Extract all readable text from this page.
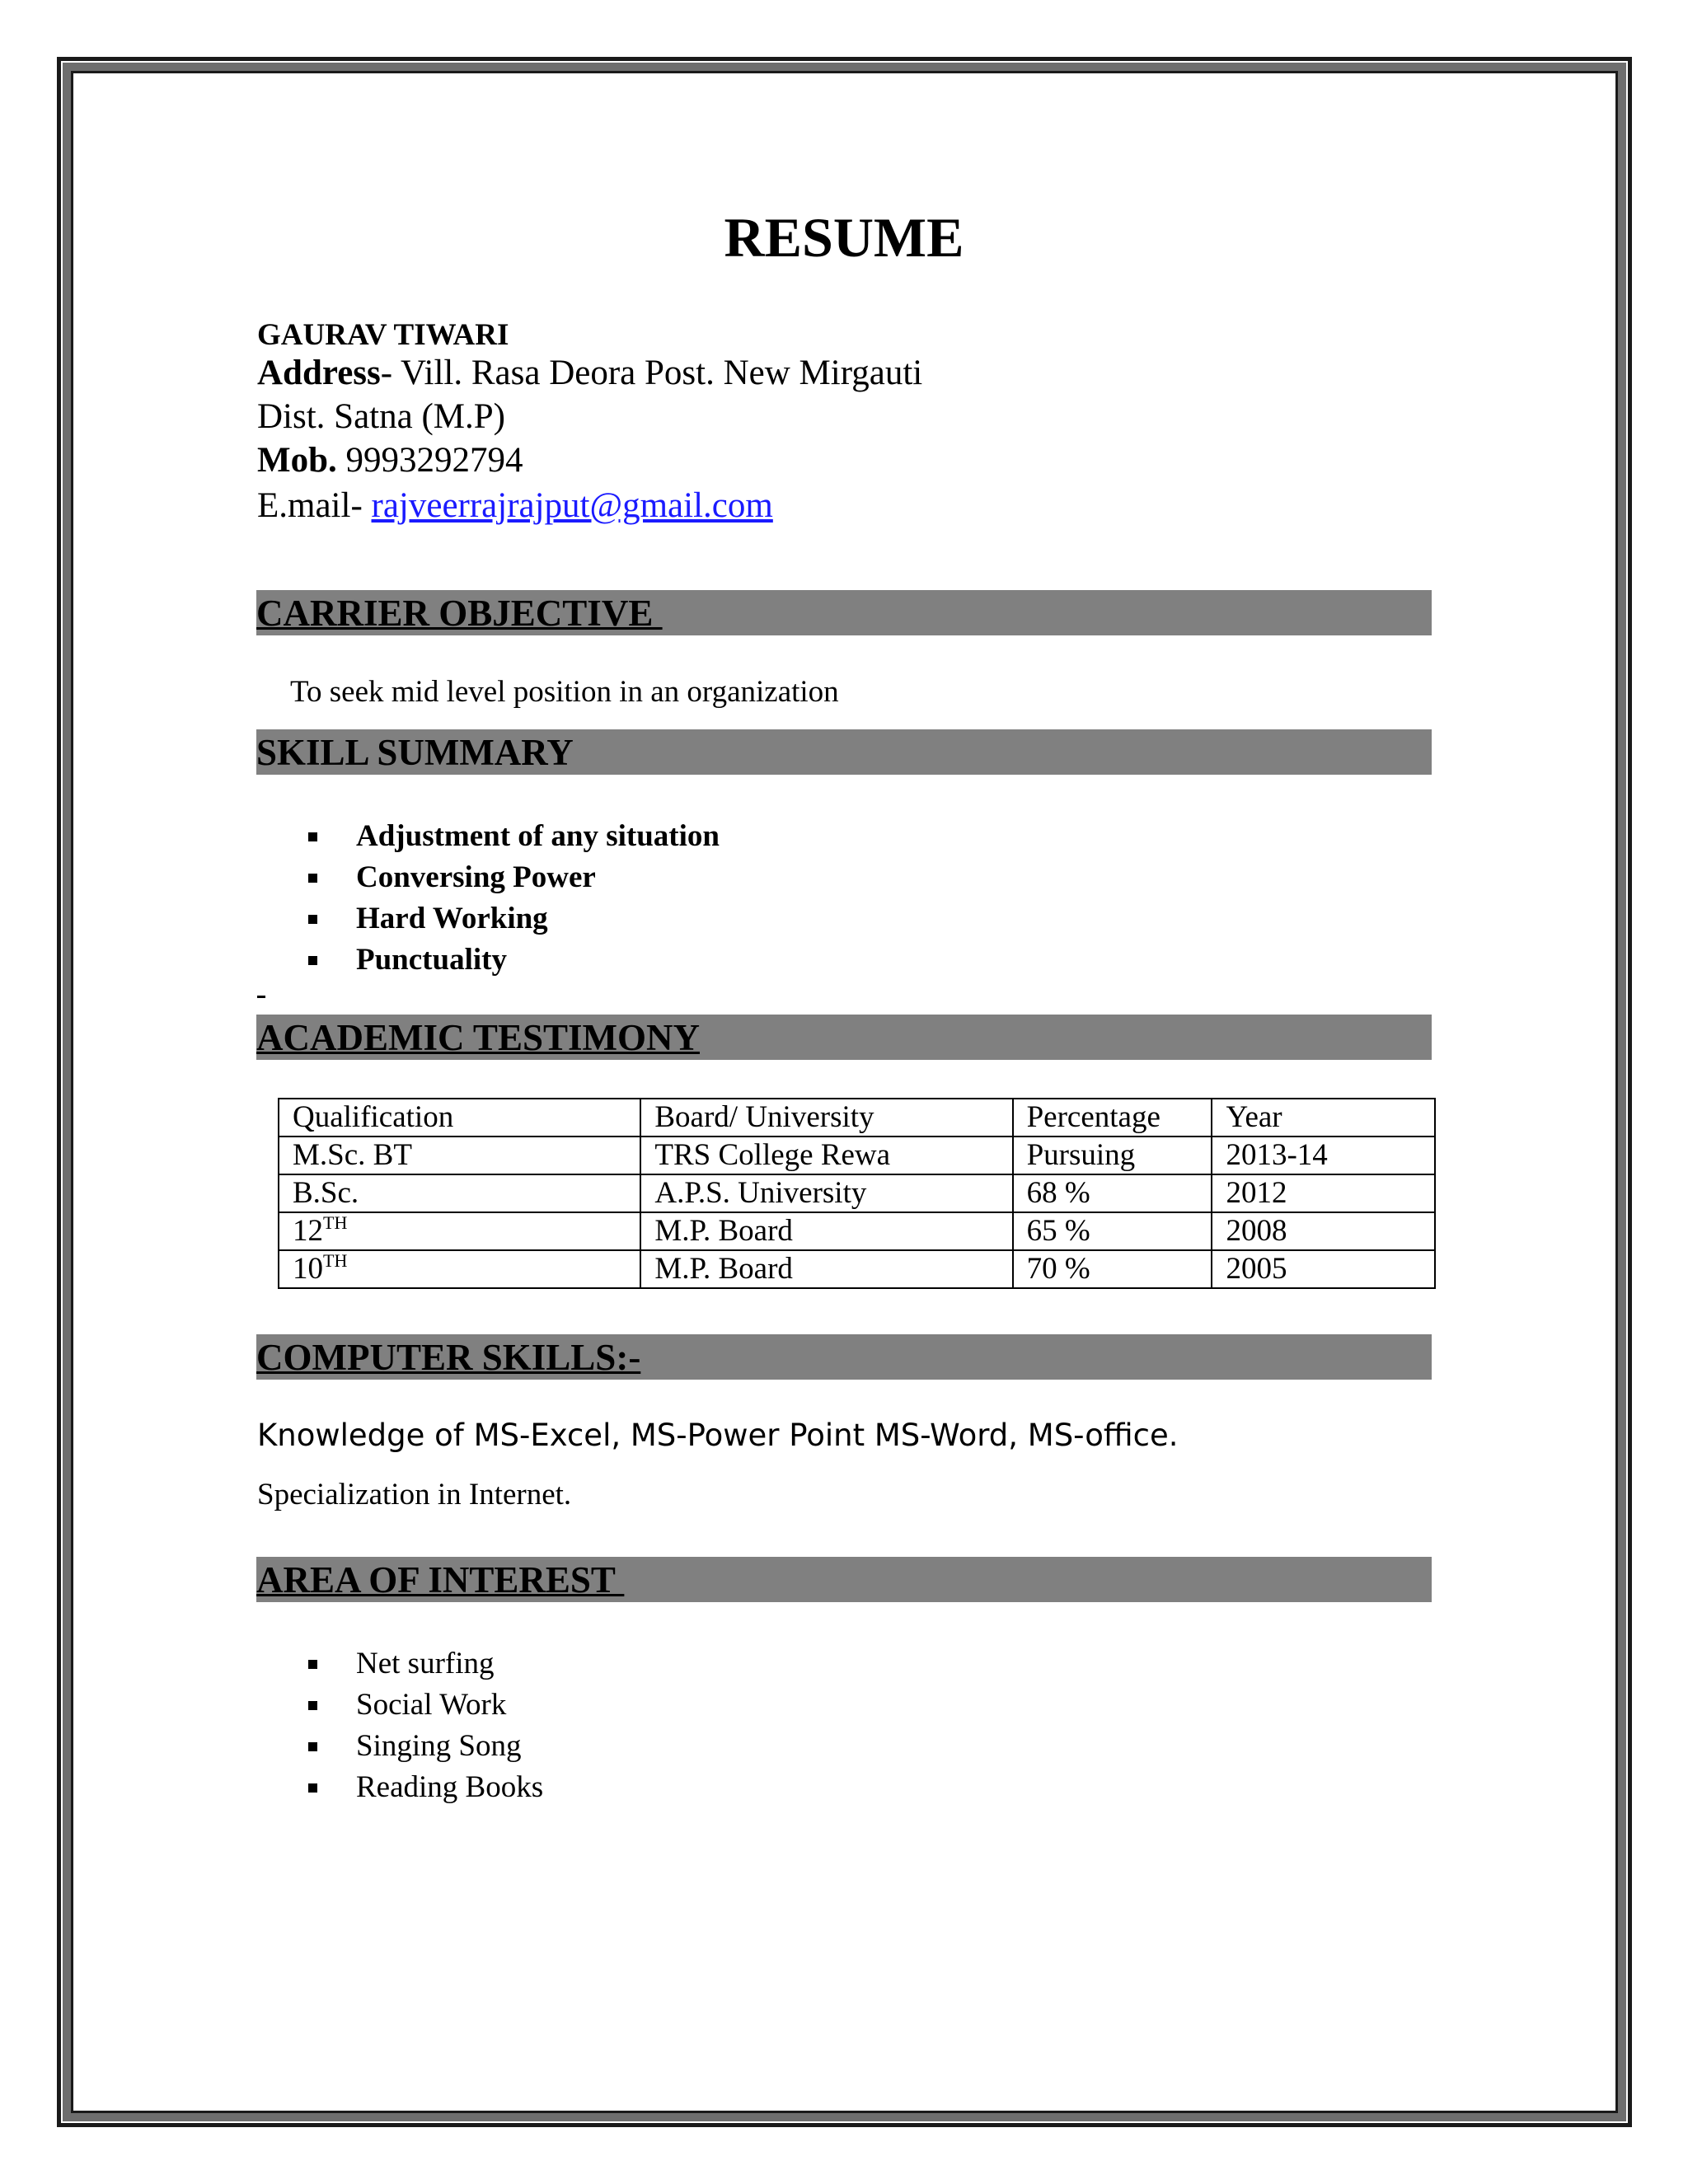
RESUME
GAURAV TIWARI
Address- Vill. Rasa Deora Post. New Mirgauti
Dist. Satna (M.P)
Mob. 9993292794
E.mail- rajveerrajrajput@gmail.com
CARRIER OBJECTIVE
To seek mid level position in an organization
SKILL SUMMARY
Adjustment of any situation
Conversing Power
Hard Working
Punctuality
ACADEMIC TESTIMONY
Qualification	Board/ University	Percentage	Year
M.Sc. BT	TRS College Rewa	Pursuing	2013-14
B.Sc.	A.P.S. University	68 %	2012
12TH	M.P. Board	65 %	2008
10TH	M.P. Board	70 %	2005
COMPUTER SKILLS:-
Knowledge of MS-Excel, MS-Power Point MS-Word, MS-office.
Specialization in Internet.
AREA OF INTEREST
Net surfing
Social Work
Singing Song
Reading Books
